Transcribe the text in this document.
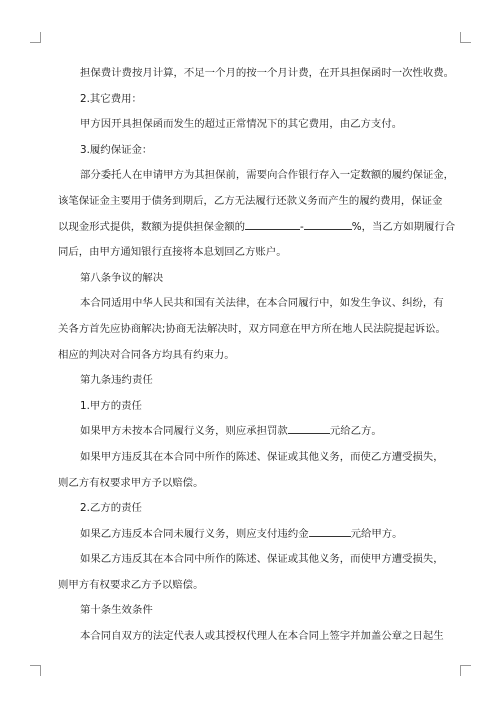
担保费计费按月计算，不足一个月的按一个月计费，在开具担保函时一次性收费。
2.其它费用：
甲方因开具担保函而发生的超过正常情况下的其它费用，由乙方支付。
3.履约保证金：
部分委托人在申请甲方为其担保前，需要向合作银行存入一定数额的履约保证金，
该笔保证金主要用于债务到期后，乙方无法履行还款义务而产生的履约费用，保证金
以现金形式提供，数额为提供担保金额的	-	%，当乙方如期履行合
同后，由甲方通知银行直接将本息划回乙方账户。
第八条争议的解决
本合同适用中华人民共和国有关法律，在本合同履行中，如发生争议、纠纷，有
关各方首先应协商解决;协商无法解决时，双方同意在甲方所在地人民法院提起诉讼。
相应的判决对合同各方均具有约束力。
第九条违约责任
1.甲方的责任
如果甲方未按本合同履行义务，则应承担罚款	元给乙方。
如果甲方违反其在本合同中所作的陈述、保证或其他义务，而使乙方遭受损失，
则乙方有权要求甲方予以赔偿。
2.乙方的责任
如果乙方违反本合同未履行义务，则应支付违约金	元给甲方。
如果乙方违反其在本合同中所作的陈述、保证或其他义务，而使甲方遭受损失，
则甲方有权要求乙方予以赔偿。
第十条生效条件
本合同自双方的法定代表人或其授权代理人在本合同上签字并加盖公章之日起生
